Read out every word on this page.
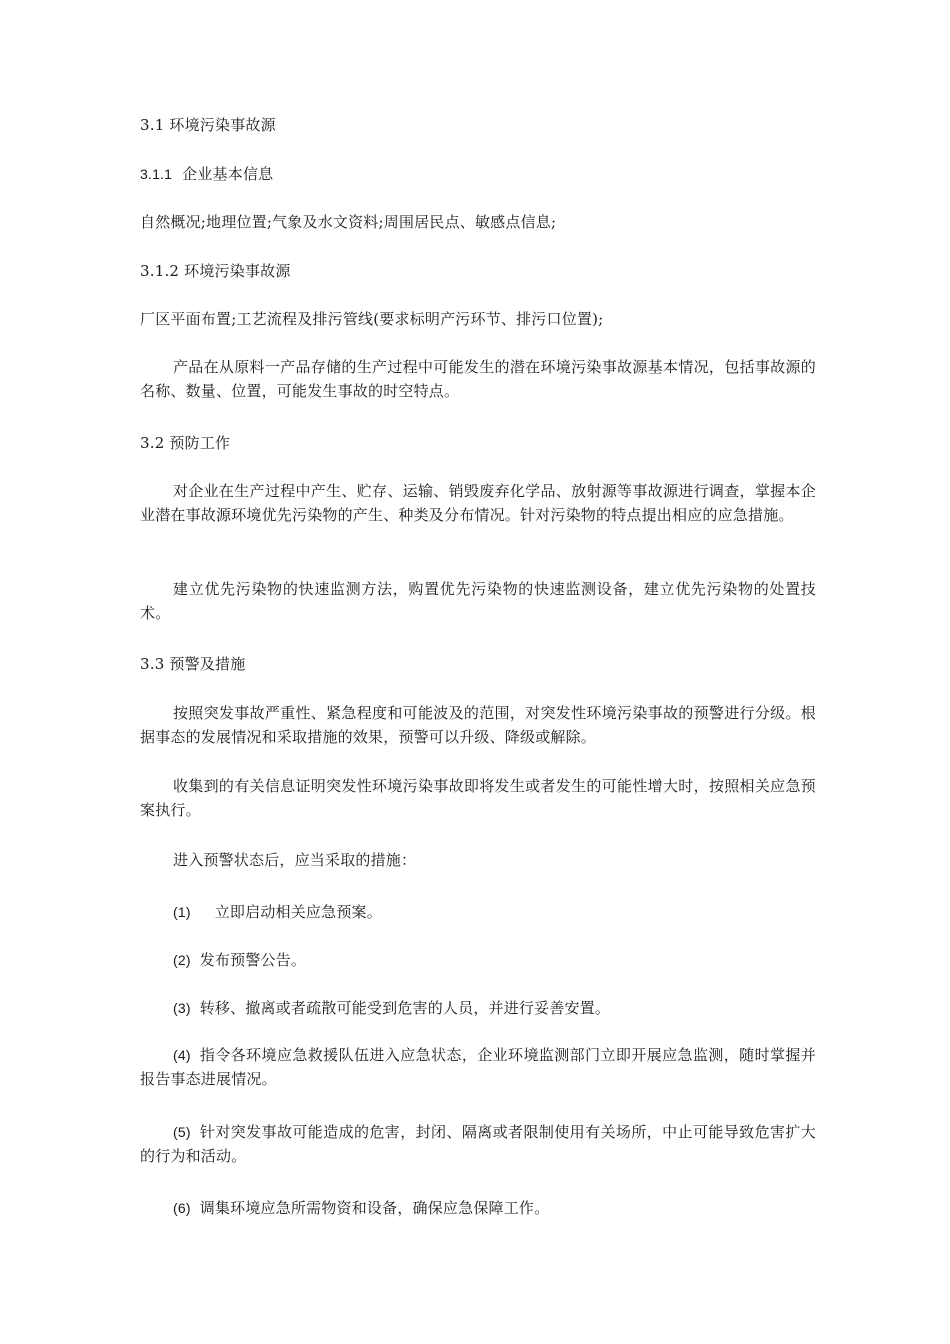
3.1 环境污染事故源
3.1.1 企业基本信息
自然概况;地理位置;气象及水文资料;周围居民点、敏感点信息;
3.1.2 环境污染事故源
厂区平面布置;工艺流程及排污管线(要求标明产污环节、排污口位置);
产品在从原料一产品存储的生产过程中可能发生的潜在环境污染事故源基本情况，包括事故源的名称、数量、位置，可能发生事故的时空特点。
3.2 预防工作
对企业在生产过程中产生、贮存、运输、销毁废弃化学品、放射源等事故源进行调查，掌握本企业潜在事故源环境优先污染物的产生、种类及分布情况。针对污染物的特点提出相应的应急措施。
建立优先污染物的快速监测方法，购置优先污染物的快速监测设备，建立优先污染物的处置技术。
3.3 预警及措施
按照突发事故严重性、紧急程度和可能波及的范围，对突发性环境污染事故的预警进行分级。根据事态的发展情况和采取措施的效果，预警可以升级、降级或解除。
收集到的有关信息证明突发性环境污染事故即将发生或者发生的可能性增大时，按照相关应急预案执行。
进入预警状态后，应当采取的措施：
(1) 立即启动相关应急预案。
(2) 发布预警公告。
(3) 转移、撤离或者疏散可能受到危害的人员，并进行妥善安置。
(4) 指令各环境应急救援队伍进入应急状态，企业环境监测部门立即开展应急监测，随时掌握并报告事态进展情况。
(5) 针对突发事故可能造成的危害，封闭、隔离或者限制使用有关场所，中止可能导致危害扩大的行为和活动。
(6) 调集环境应急所需物资和设备，确保应急保障工作。
